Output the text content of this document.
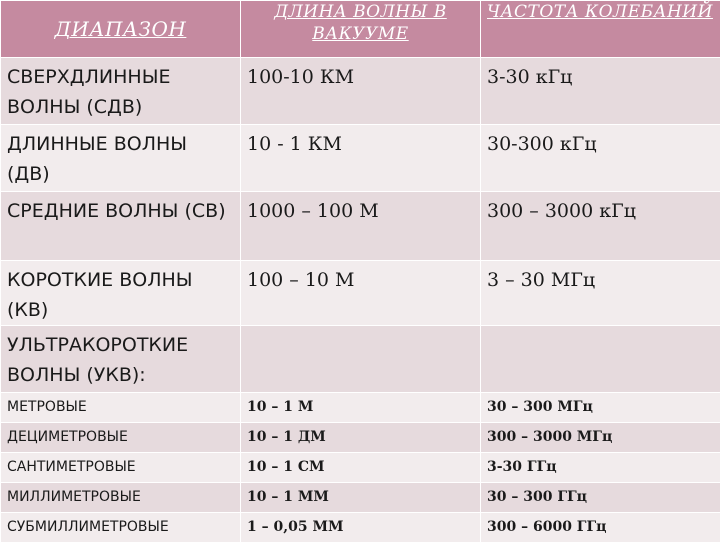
ДИАПАЗОН	ДЛИНА ВОЛНЫ В ВАКУУМЕ	ЧАСТОТА КОЛЕБАНИЙ
СВЕРХДЛИННЫЕ ВОЛНЫ (СДВ)	100-10 КМ	3-30 кГц
ДЛИННЫЕ ВОЛНЫ (ДВ)	10 - 1 КМ	30-300 кГц
СРЕДНИЕ ВОЛНЫ (СВ)	1000 – 100 М	300 – 3000 кГц
КОРОТКИЕ ВОЛНЫ (КВ)	100 – 10 М	3 – 30 МГц
УЛЬТРАКОРОТКИЕ ВОЛНЫ (УКВ):		
МЕТРОВЫЕ	10 – 1 М	30 – 300 МГц
ДЕЦИМЕТРОВЫЕ	10 – 1 ДМ	300 – 3000 МГц
САНТИМЕТРОВЫЕ	10 – 1 СМ	3-30 ГГц
МИЛЛИМЕТРОВЫЕ	10 – 1 ММ	30 – 300 ГГц
СУБМИЛЛИМЕТРОВЫЕ	1 – 0,05 ММ	300 – 6000 ГГц
